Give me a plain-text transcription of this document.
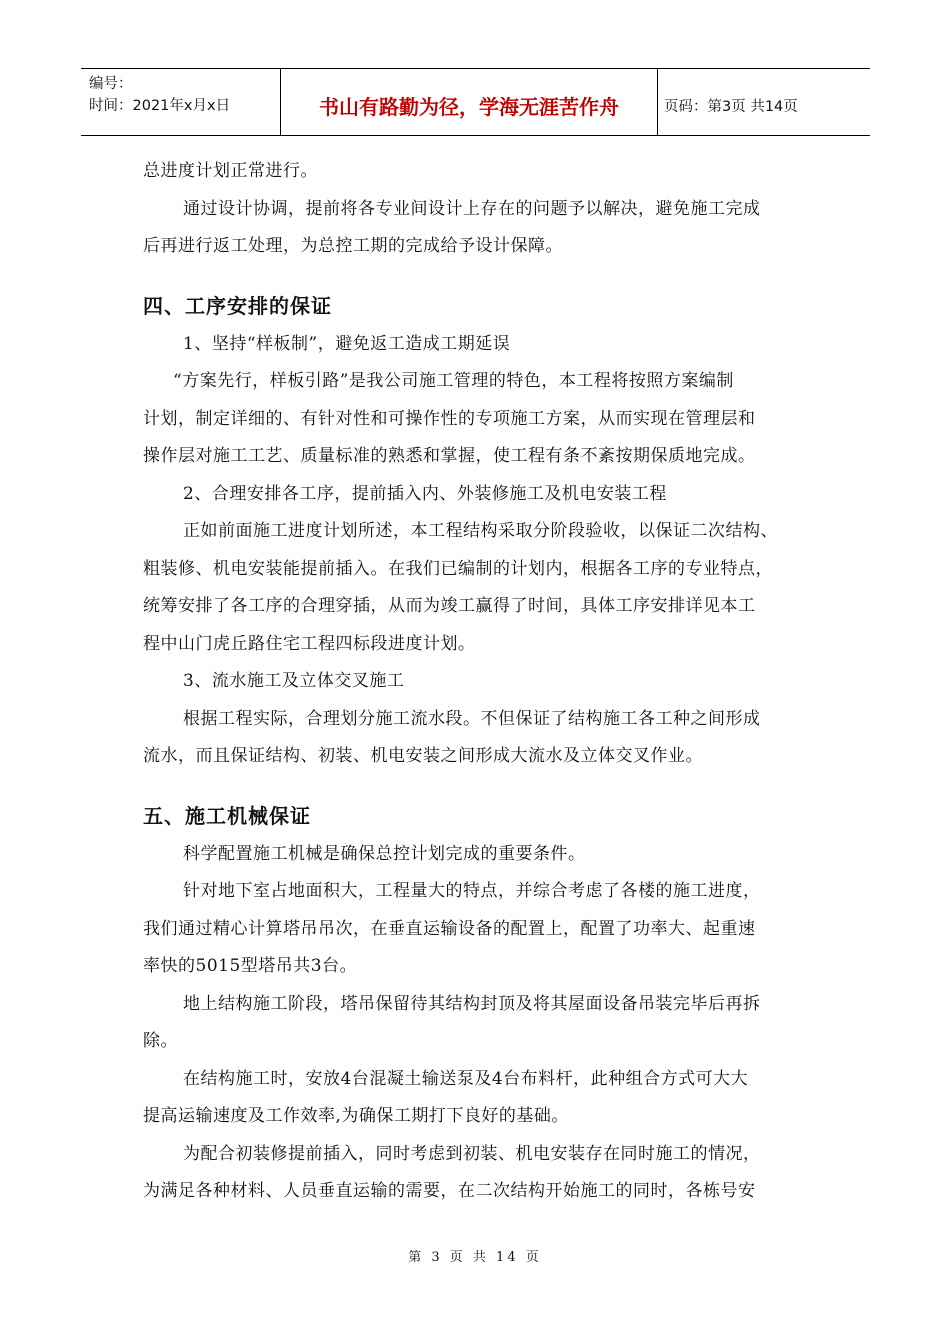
编号：
时间：2021年x月x日	书山有路勤为径，学海无涯苦作舟	页码：第3页 共14页
总进度计划正常进行。
通过设计协调，提前将各专业间设计上存在的问题予以解决，避免施工完成
后再进行返工处理，为总控工期的完成给予设计保障。
四、工序安排的保证
1、坚持“样板制”，避免返工造成工期延误
“方案先行，样板引路”是我公司施工管理的特色，本工程将按照方案编制
计划，制定详细的、有针对性和可操作性的专项施工方案，从而实现在管理层和
操作层对施工工艺、质量标准的熟悉和掌握，使工程有条不紊按期保质地完成。
2、合理安排各工序，提前插入内、外装修施工及机电安装工程
正如前面施工进度计划所述，本工程结构采取分阶段验收，以保证二次结构、
粗装修、机电安装能提前插入。在我们已编制的计划内，根据各工序的专业特点，
统筹安排了各工序的合理穿插，从而为竣工赢得了时间，具体工序安排详见本工
程中山门虎丘路住宅工程四标段进度计划。
3、流水施工及立体交叉施工
根据工程实际，合理划分施工流水段。不但保证了结构施工各工种之间形成
流水，而且保证结构、初装、机电安装之间形成大流水及立体交叉作业。
五、施工机械保证
科学配置施工机械是确保总控计划完成的重要条件。
针对地下室占地面积大，工程量大的特点，并综合考虑了各楼的施工进度，
我们通过精心计算塔吊吊次，在垂直运输设备的配置上，配置了功率大、起重速
率快的5015型塔吊共3台。
地上结构施工阶段，塔吊保留待其结构封顶及将其屋面设备吊装完毕后再拆
除。
在结构施工时，安放4台混凝土输送泵及4台布料杆，此种组合方式可大大
提高运输速度及工作效率,为确保工期打下良好的基础。
为配合初装修提前插入，同时考虑到初装、机电安装存在同时施工的情况，
为满足各种材料、人员垂直运输的需要，在二次结构开始施工的同时，各栋号安
第 3 页 共 14 页
